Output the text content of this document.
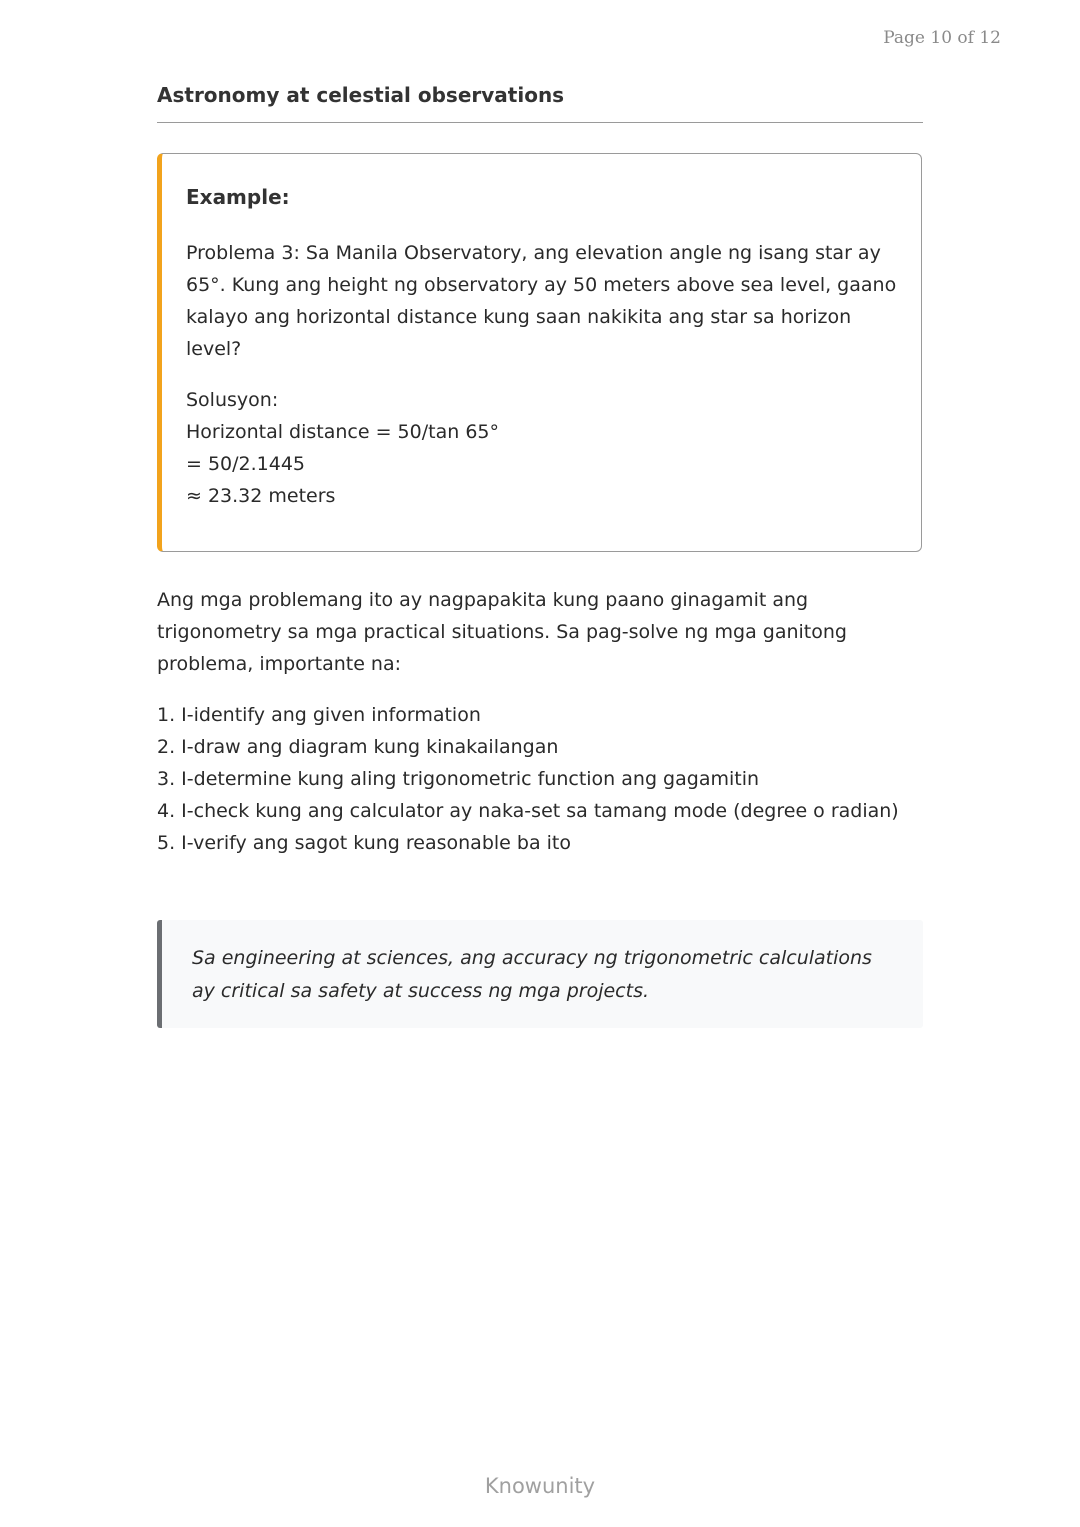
Page 10 of 12
Astronomy at celestial observations

Example:

Problema 3: Sa Manila Observatory, ang elevation angle ng isang star ay 65°. Kung ang height ng observatory ay 50 meters above sea level, gaano kalayo ang horizontal distance kung saan nakikita ang star sa horizon level?

Solusyon:

Horizontal distance = 50/tan 65°

= 50/2.1445

≈ 23.32 meters

Ang mga problemang ito ay nagpapakita kung paano ginagamit ang trigonometry sa mga practical situations. Sa pag-solve ng mga ganitong problema, importante na:

1. I-identify ang given information
2. I-draw ang diagram kung kinakailangan
3. I-determine kung aling trigonometric function ang gagamitin
4. I-check kung ang calculator ay naka-set sa tamang mode (degree o radian)
5. I-verify ang sagot kung reasonable ba ito

Sa engineering at sciences, ang accuracy ng trigonometric calculations ay critical sa safety at success ng mga projects.

Knowunity
